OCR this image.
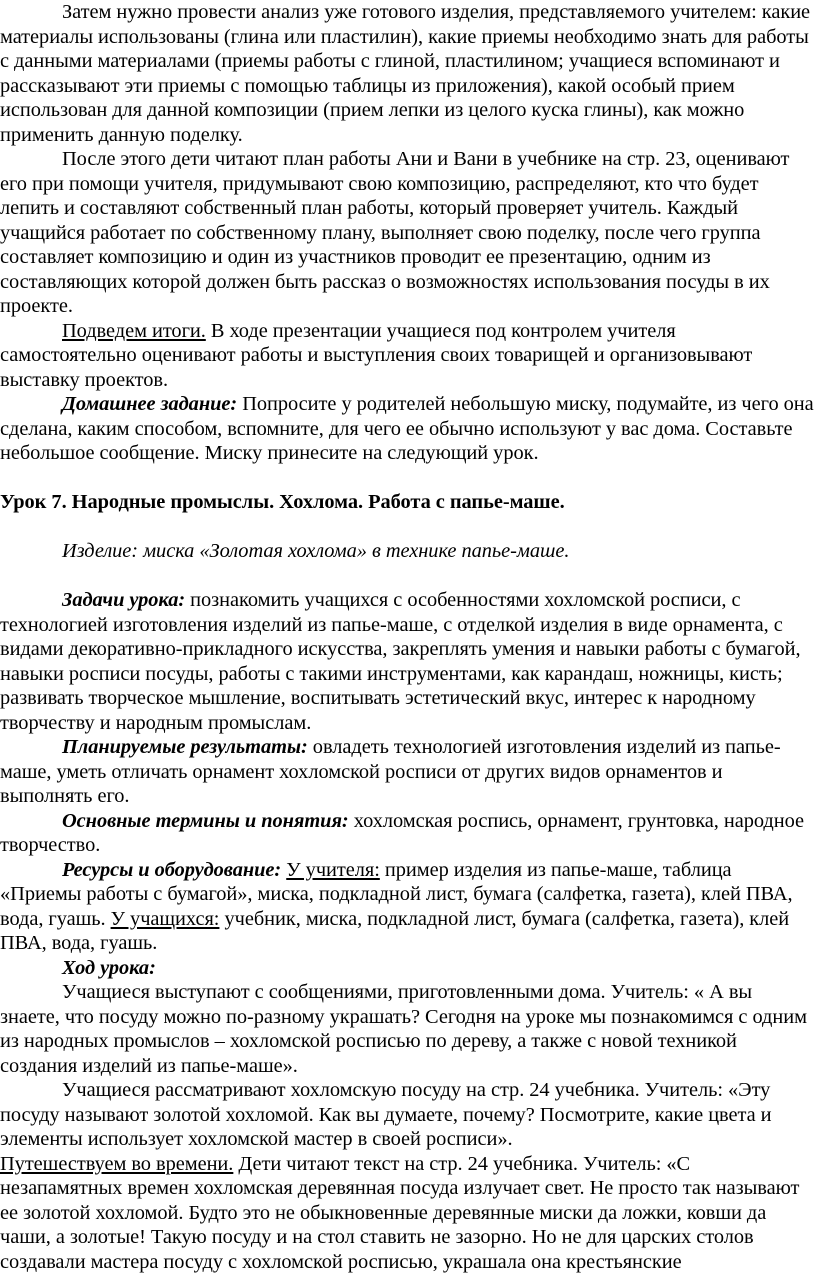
Затем нужно провести анализ уже готового изделия, представляемого учителем: какие материалы использованы (глина или пластилин), какие приемы необходимо знать для работы с данными материалами (приемы работы с глиной, пластилином; учащиеся вспоминают и рассказывают эти приемы с помощью таблицы из приложения), какой особый прием использован для данной композиции (прием лепки из целого куска глины), как можно применить данную поделку.

После этого дети читают план работы Ани и Вани в учебнике на стр. 23, оценивают его при помощи учителя, придумывают свою композицию, распределяют, кто что будет лепить и составляют собственный план работы, который проверяет учитель. Каждый учащийся работает по собственному плану, выполняет свою поделку, после чего группа составляет композицию и один из участников проводит ее презентацию, одним из составляющих которой должен быть рассказ о возможностях использования посуды в их проекте.

Подведем итоги. В ходе презентации учащиеся под контролем учителя самостоятельно оценивают работы и выступления своих товарищей и организовывают выставку проектов.

Домашнее задание: Попросите у родителей небольшую миску, подумайте, из чего она сделана, каким способом, вспомните, для чего ее обычно используют у вас дома. Составьте небольшое сообщение. Миску принесите на следующий урок.

Урок 7. Народные промыслы. Хохлома. Работа с папье-маше.

Изделие: миска «Золотая хохлома» в технике папье-маше.

Задачи урока: познакомить учащихся с особенностями хохломской росписи, с технологией изготовления изделий из папье-маше, с отделкой изделия в виде орнамента, с видами декоративно-прикладного искусства, закреплять умения и навыки работы с бумагой, навыки росписи посуды, работы с такими инструментами, как карандаш, ножницы, кисть; развивать творческое мышление, воспитывать эстетический вкус, интерес к народному творчеству и народным промыслам.

Планируемые результаты: овладеть технологией изготовления изделий из папье-маше, уметь отличать орнамент хохломской росписи от других видов орнаментов и выполнять его.

Основные термины и понятия: хохломская роспись, орнамент, грунтовка, народное творчество.

Ресурсы и оборудование: У учителя: пример изделия из папье-маше, таблица «Приемы работы с бумагой», миска, подкладной лист, бумага (салфетка, газета), клей ПВА, вода, гуашь. У учащихся: учебник, миска, подкладной лист, бумага (салфетка, газета), клей ПВА, вода, гуашь.

Ход урока:

Учащиеся выступают с сообщениями, приготовленными дома. Учитель: « А вы знаете, что посуду можно по-разному украшать? Сегодня на уроке мы познакомимся с одним из народных промыслов – хохломской росписью по дереву, а также с новой техникой создания изделий из папье-маше».

Учащиеся рассматривают хохломскую посуду на стр. 24 учебника. Учитель: «Эту посуду называют золотой хохломой. Как вы думаете, почему? Посмотрите, какие цвета и элементы использует хохломской мастер в своей росписи».

Путешествуем во времени. Дети читают текст на стр. 24 учебника. Учитель: «С незапамятных времен хохломская деревянная посуда излучает свет. Не просто так называют ее золотой хохломой. Будто это не обыкновенные деревянные миски да ложки, ковши да чаши, а золотые! Такую посуду и на стол ставить не зазорно. Но не для царских столов создавали мастера посуду с хохломской росписью, украшала она крестьянские
